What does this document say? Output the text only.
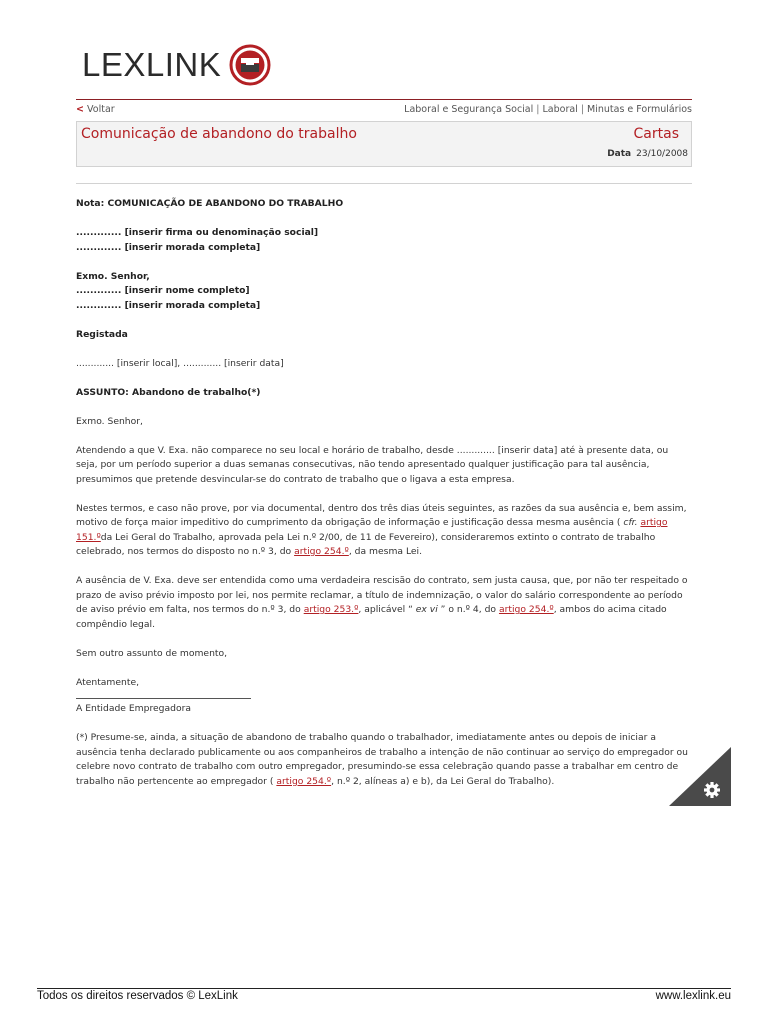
LEXLINK
< Voltar	Laboral e Segurança Social | Laboral | Minutas e Formulários
Comunicação de abandono do trabalho	Cartas
Data 23/10/2008

Nota: COMUNICAÇÃO DE ABANDONO DO TRABALHO

............. [inserir firma ou denominação social]

............. [inserir morada completa]

Exmo. Senhor,

............. [inserir nome completo]

............. [inserir morada completa]

Registada

............. [inserir local], ............. [inserir data]

ASSUNTO: Abandono de trabalho(*)

Exmo. Senhor,

Atendendo a que V. Exa. não comparece no seu local e horário de trabalho, desde ............. [inserir data] até à presente data, ou seja, por um período superior a duas semanas consecutivas, não tendo apresentado qualquer justificação para tal ausência, presumimos que pretende desvincular-se do contrato de trabalho que o ligava a esta empresa.

Nestes termos, e caso não prove, por via documental, dentro dos três dias úteis seguintes, as razões da sua ausência e, bem assim, motivo de força maior impeditivo do cumprimento da obrigação de informação e justificação dessa mesma ausência ( cfr. artigo 151.ºda Lei Geral do Trabalho, aprovada pela Lei n.º 2/00, de 11 de Fevereiro), consideraremos extinto o contrato de trabalho celebrado, nos termos do disposto no n.º 3, do artigo 254.º, da mesma Lei.

A ausência de V. Exa. deve ser entendida como uma verdadeira rescisão do contrato, sem justa causa, que, por não ter respeitado o prazo de aviso prévio imposto por lei, nos permite reclamar, a título de indemnização, o valor do salário correspondente ao período de aviso prévio em falta, nos termos do n.º 3, do artigo 253.º, aplicável “ ex vi ” o n.º 4, do artigo 254.º, ambos do acima citado compêndio legal.

Sem outro assunto de momento,

Atentamente,

A Entidade Empregadora

(*) Presume-se, ainda, a situação de abandono de trabalho quando o trabalhador, imediatamente antes ou depois de iniciar a ausência tenha declarado publicamente ou aos companheiros de trabalho a intenção de não continuar ao serviço do empregador ou celebre novo contrato de trabalho com outro empregador, presumindo-se essa celebração quando passe a trabalhar em centro de trabalho não pertencente ao empregador ( artigo 254.º, n.º 2, alíneas a) e b), da Lei Geral do Trabalho).

Todos os direitos reservados © LexLink	www.lexlink.eu
